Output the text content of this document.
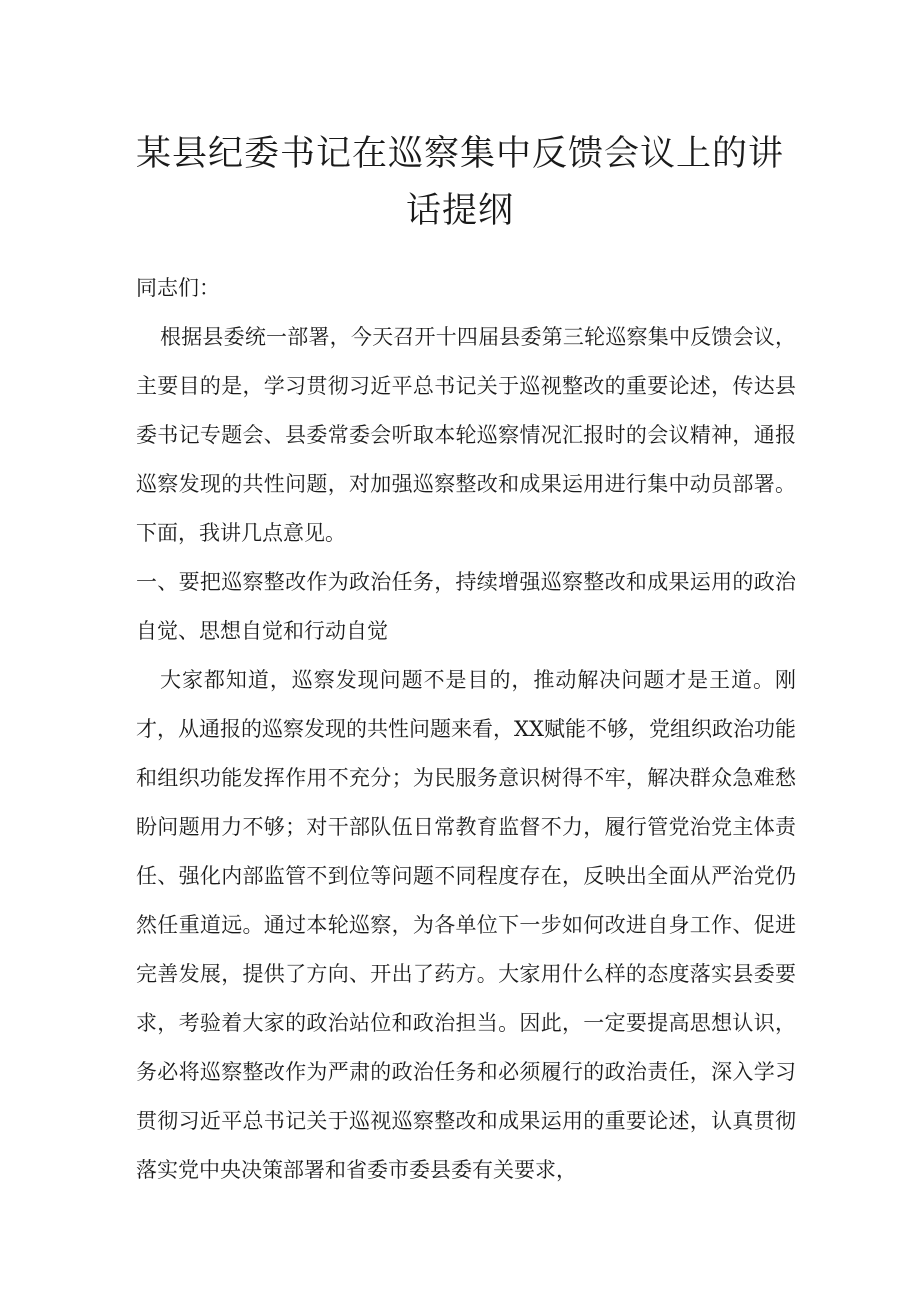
某县纪委书记在巡察集中反馈会议上的讲
话提纲

同志们：

根据县委统一部署，今天召开十四届县委第三轮巡察集中反馈会议，主要目的是，学习贯彻习近平总书记关于巡视整改的重要论述，传达县委书记专题会、县委常委会听取本轮巡察情况汇报时的会议精神，通报巡察发现的共性问题，对加强巡察整改和成果运用进行集中动员部署。下面，我讲几点意见。

一、要把巡察整改作为政治任务，持续增强巡察整改和成果运用的政治自觉、思想自觉和行动自觉

大家都知道，巡察发现问题不是目的，推动解决问题才是王道。刚才，从通报的巡察发现的共性问题来看，XX赋能不够，党组织政治功能和组织功能发挥作用不充分；为民服务意识树得不牢，解决群众急难愁盼问题用力不够；对干部队伍日常教育监督不力，履行管党治党主体责任、强化内部监管不到位等问题不同程度存在，反映出全面从严治党仍然任重道远。通过本轮巡察，为各单位下一步如何改进自身工作、促进完善发展，提供了方向、开出了药方。大家用什么样的态度落实县委要求，考验着大家的政治站位和政治担当。因此，一定要提高思想认识，务必将巡察整改作为严肃的政治任务和必须履行的政治责任，深入学习贯彻习近平总书记关于巡视巡察整改和成果运用的重要论述，认真贯彻落实党中央决策部署和省委市委县委有关要求，
